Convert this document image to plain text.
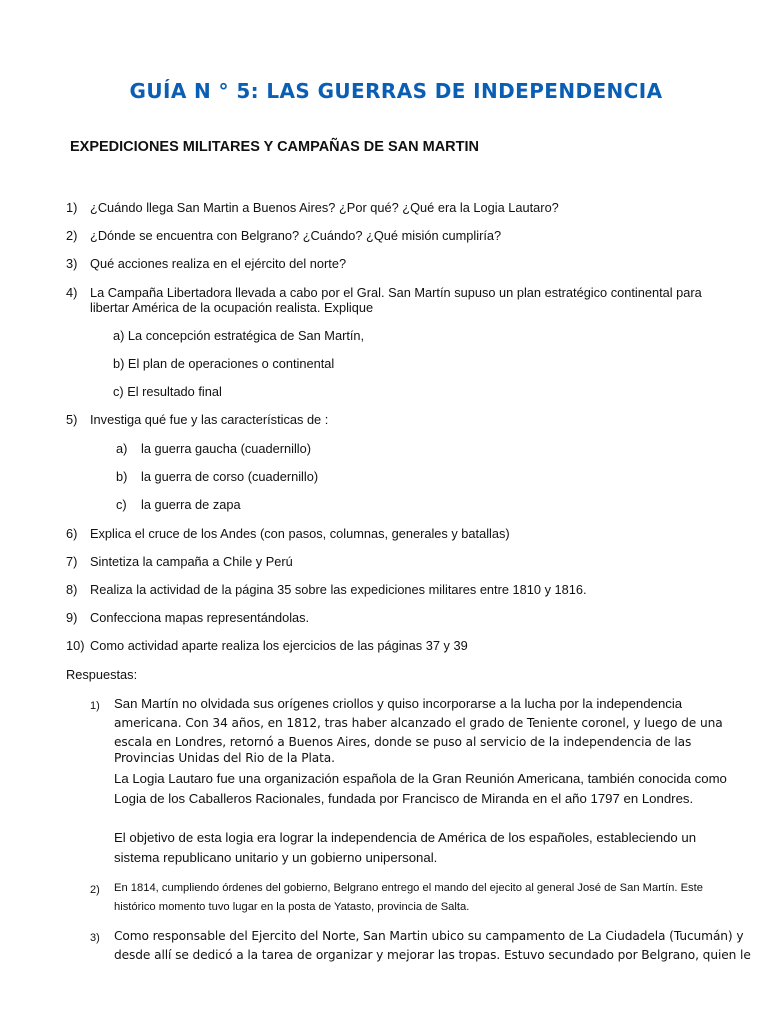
GUÍA N ° 5: LAS GUERRAS DE INDEPENDENCIA
EXPEDICIONES MILITARES Y CAMPAÑAS DE SAN MARTIN
1) ¿Cuándo llega San Martin a Buenos Aires? ¿Por qué? ¿Qué era la Logia Lautaro?
2) ¿Dónde se encuentra con Belgrano? ¿Cuándo? ¿Qué misión cumpliría?
3) Qué acciones realiza en el ejército del norte?
4) La Campaña Libertadora llevada a cabo por el Gral. San Martín supuso un plan estratégico continental para
libertar América de la ocupación realista. Explique
a) La concepción estratégica de San Martín,
b) El plan de operaciones o continental
c) El resultado final
5) Investiga qué fue y las características de :
a) la guerra gaucha (cuadernillo)
b) la guerra de corso (cuadernillo)
c) la guerra de zapa
6) Explica el cruce de los Andes (con pasos, columnas, generales y batallas)
7) Sintetiza la campaña a Chile y Perú
8) Realiza la actividad de la página 35 sobre las expediciones militares entre 1810 y 1816.
9) Confecciona mapas representándolas.
10) Como actividad aparte realiza los ejercicios de las páginas 37 y 39
Respuestas:
1) San Martín no olvidada sus orígenes criollos y quiso incorporarse a la lucha por la independencia
americana. Con 34 años, en 1812, tras haber alcanzado el grado de Teniente coronel, y luego de una
escala en Londres, retornó a Buenos Aires, donde se puso al servicio de la independencia de las
Provincias Unidas del Rio de la Plata.
La Logia Lautaro fue una organización española de la Gran Reunión Americana, también conocida como
Logia de los Caballeros Racionales, fundada por Francisco de Miranda en el año 1797 en Londres.
El objetivo de esta logia era lograr la independencia de América de los españoles, estableciendo un
sistema republicano unitario y un gobierno unipersonal.
2) En 1814, cumpliendo órdenes del gobierno, Belgrano entrego el mando del ejecito al general José de San Martín. Este
histórico momento tuvo lugar en la posta de Yatasto, provincia de Salta.
3) Como responsable del Ejercito del Norte, San Martin ubico su campamento de La Ciudadela (Tucumán) y
desde allí se dedicó a la tarea de organizar y mejorar las tropas. Estuvo secundado por Belgrano, quien le
